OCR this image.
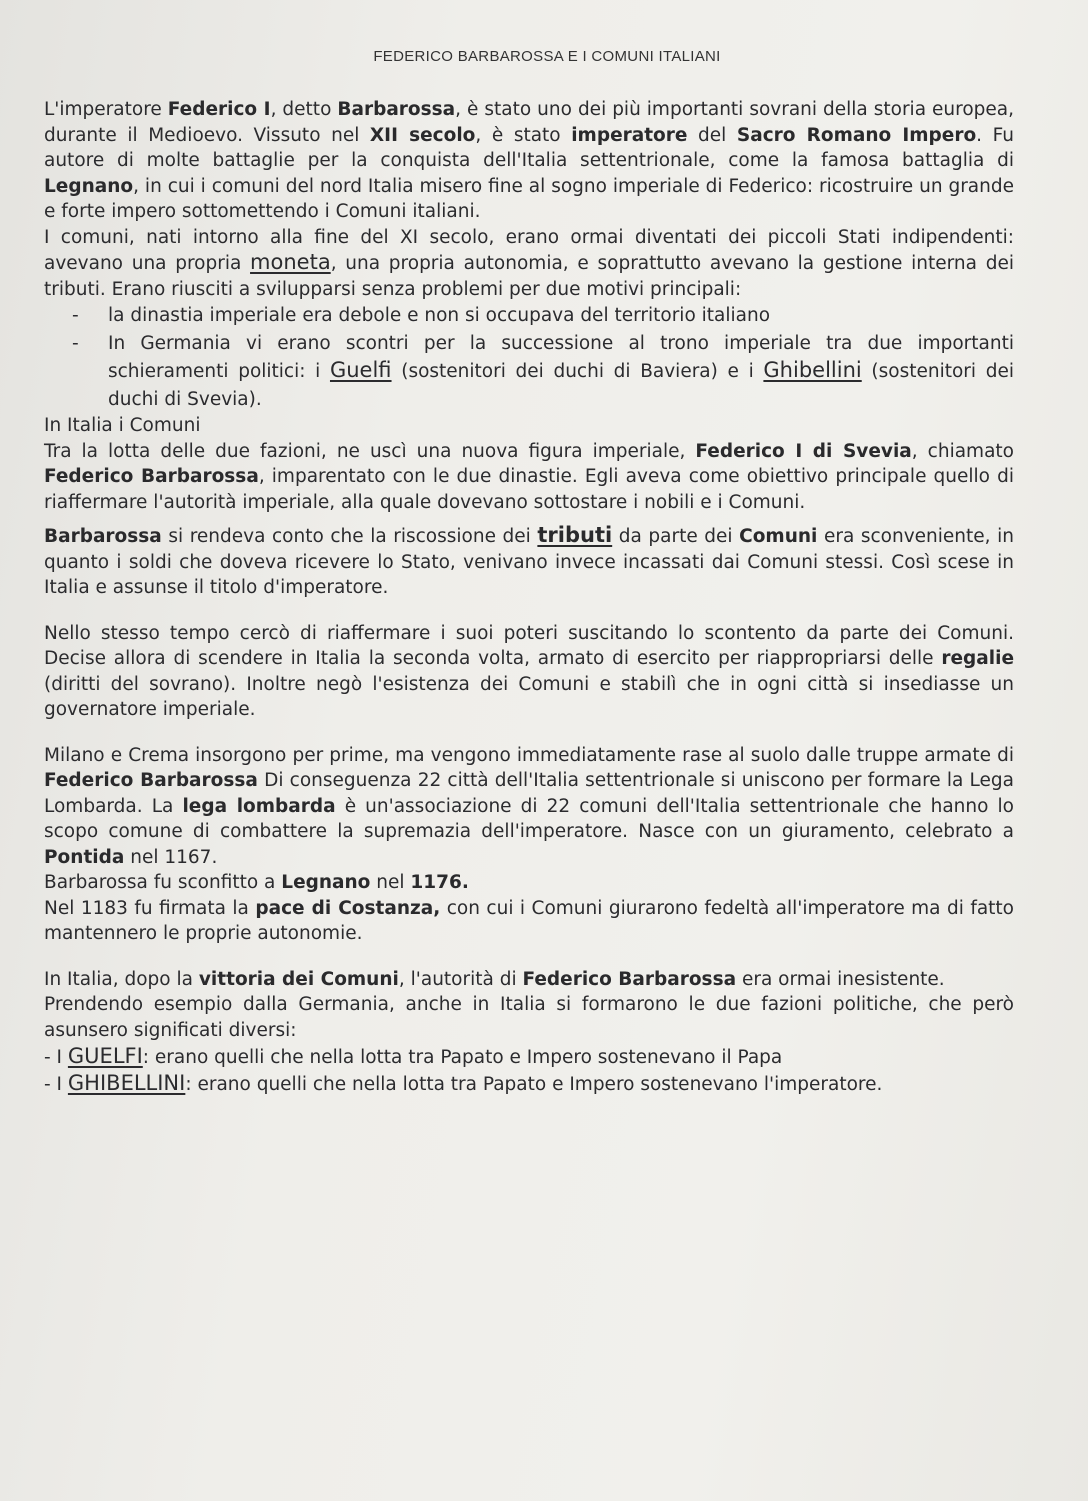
FEDERICO BARBAROSSA E I COMUNI ITALIANI

L'imperatore Federico I, detto Barbarossa, è stato uno dei più importanti sovrani della storia europea, durante il Medioevo. Vissuto nel XII secolo, è stato imperatore del Sacro Romano Impero. Fu autore di molte battaglie per la conquista dell'Italia settentrionale, come la famosa battaglia di Legnano, in cui i comuni del nord Italia misero fine al sogno imperiale di Federico: ricostruire un grande e forte impero sottomettendo i Comuni italiani.

I comuni, nati intorno alla fine del XI secolo, erano ormai diventati dei piccoli Stati indipendenti: avevano una propria moneta, una propria autonomia, e soprattutto avevano la gestione interna dei tributi. Erano riusciti a svilupparsi senza problemi per due motivi principali:

- la dinastia imperiale era debole e non si occupava del territorio italiano
- In Germania vi erano scontri per la successione al trono imperiale tra due importanti schieramenti politici: i Guelfi (sostenitori dei duchi di Baviera) e i Ghibellini (sostenitori dei duchi di Svevia).

In Italia i Comuni

Tra la lotta delle due fazioni, ne uscì una nuova figura imperiale, Federico I di Svevia, chiamato Federico Barbarossa, imparentato con le due dinastie. Egli aveva come obiettivo principale quello di riaffermare l'autorità imperiale, alla quale dovevano sottostare i nobili e i Comuni.

Barbarossa si rendeva conto che la riscossione dei tributi da parte dei Comuni era sconveniente, in quanto i soldi che doveva ricevere lo Stato, venivano invece incassati dai Comuni stessi. Così scese in Italia e assunse il titolo d'imperatore.

Nello stesso tempo cercò di riaffermare i suoi poteri suscitando lo scontento da parte dei Comuni. Decise allora di scendere in Italia la seconda volta, armato di esercito per riappropriarsi delle regalie (diritti del sovrano). Inoltre negò l'esistenza dei Comuni e stabilì che in ogni città si insediasse un governatore imperiale.

Milano e Crema insorgono per prime, ma vengono immediatamente rase al suolo dalle truppe armate di Federico Barbarossa Di conseguenza 22 città dell'Italia settentrionale si uniscono per formare la Lega Lombarda. La lega lombarda è un'associazione di 22 comuni dell'Italia settentrionale che hanno lo scopo comune di combattere la supremazia dell'imperatore. Nasce con un giuramento, celebrato a Pontida nel 1167.

Barbarossa fu sconfitto a Legnano nel 1176.

Nel 1183 fu firmata la pace di Costanza, con cui i Comuni giurarono fedeltà all'imperatore ma di fatto mantennero le proprie autonomie.

In Italia, dopo la vittoria dei Comuni, l'autorità di Federico Barbarossa era ormai inesistente.

Prendendo esempio dalla Germania, anche in Italia si formarono le due fazioni politiche, che però asunsero significati diversi:

- I GUELFI: erano quelli che nella lotta tra Papato e Impero sostenevano il Papa

- I GHIBELLINI: erano quelli che nella lotta tra Papato e Impero sostenevano l'imperatore.
